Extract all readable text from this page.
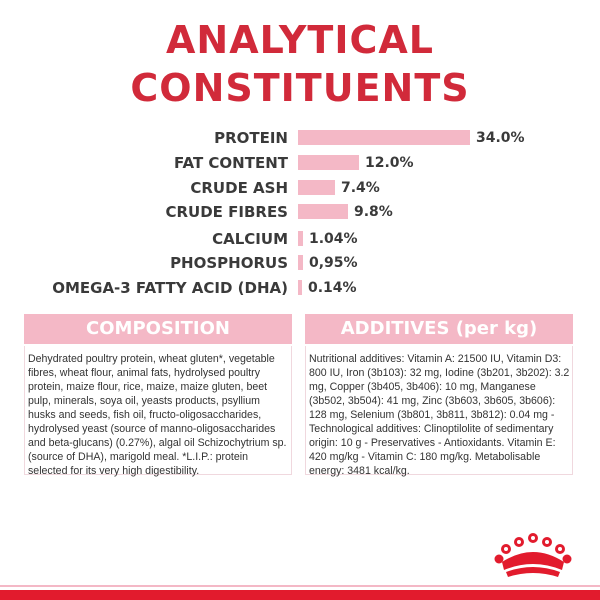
ANALYTICAL
CONSTITUENTS
PROTEIN	34.0%
FAT CONTENT	12.0%
CRUDE ASH	7.4%
CRUDE FIBRES	9.8%
CALCIUM 1.04%
PHOSPHORUS 0,95%
OMEGA-3 FATTY ACID (DHA) 0.14%
COMPOSITION
Dehydrated poultry protein, wheat gluten*, vegetable fibres, wheat flour, animal fats, hydrolysed poultry protein, maize flour, rice, maize, maize gluten, beet pulp, minerals, soya oil, yeasts products, psyllium husks and seeds, fish oil, fructo-oligosaccharides, hydrolysed yeast (source of manno-oligosaccharides and beta-glucans) (0.27%), algal oil Schizochytrium sp. (source of DHA), marigold meal. *L.I.P.: protein selected for its very high digestibility.
ADDITIVES (per kg)
Nutritional additives: Vitamin A: 21500 IU, Vitamin D3: 800 IU, Iron (3b103): 32 mg, Iodine (3b201, 3b202): 3.2 mg, Copper (3b405, 3b406): 10 mg, Manganese (3b502, 3b504): 41 mg, Zinc (3b603, 3b605, 3b606): 128 mg, Selenium (3b801, 3b811, 3b812): 0.04 mg - Technological additives: Clinoptilolite of sedimentary origin: 10 g - Preservatives - Antioxidants. Vitamin E: 420 mg/kg - Vitamin C: 180 mg/kg. Metabolisable energy: 3481 kcal/kg.
